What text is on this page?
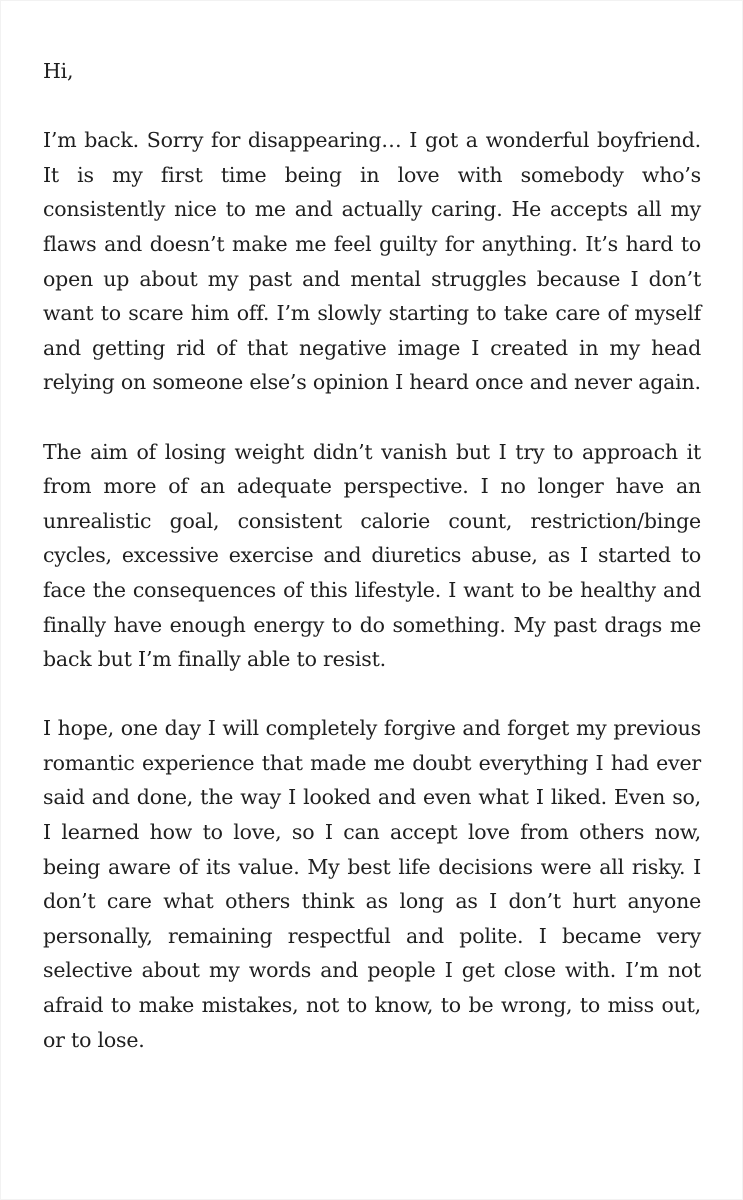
Hi,

I’m back. Sorry for disappearing… I got a wonderful boyfriend. It is my first time being in love with somebody who’s consistently nice to me and actually caring. He accepts all my flaws and doesn’t make me feel guilty for anything. It’s hard to open up about my past and mental struggles because I don’t want to scare him off. I’m slowly starting to take care of myself and getting rid of that negative image I created in my head relying on someone else’s opinion I heard once and never again.

The aim of losing weight didn’t vanish but I try to approach it from more of an adequate perspective. I no longer have an unrealistic goal, consistent calorie count, restriction/binge cycles, excessive exercise and diuretics abuse, as I started to face the consequences of this lifestyle. I want to be healthy and finally have enough energy to do something. My past drags me back but I’m finally able to resist.

I hope, one day I will completely forgive and forget my previous romantic experience that made me doubt everything I had ever said and done, the way I looked and even what I liked. Even so, I learned how to love, so I can accept love from others now, being aware of its value. My best life decisions were all risky. I don’t care what others think as long as I don’t hurt anyone personally, remaining respectful and polite. I became very selective about my words and people I get close with. I’m not afraid to make mistakes, not to know, to be wrong, to miss out, or to lose.
